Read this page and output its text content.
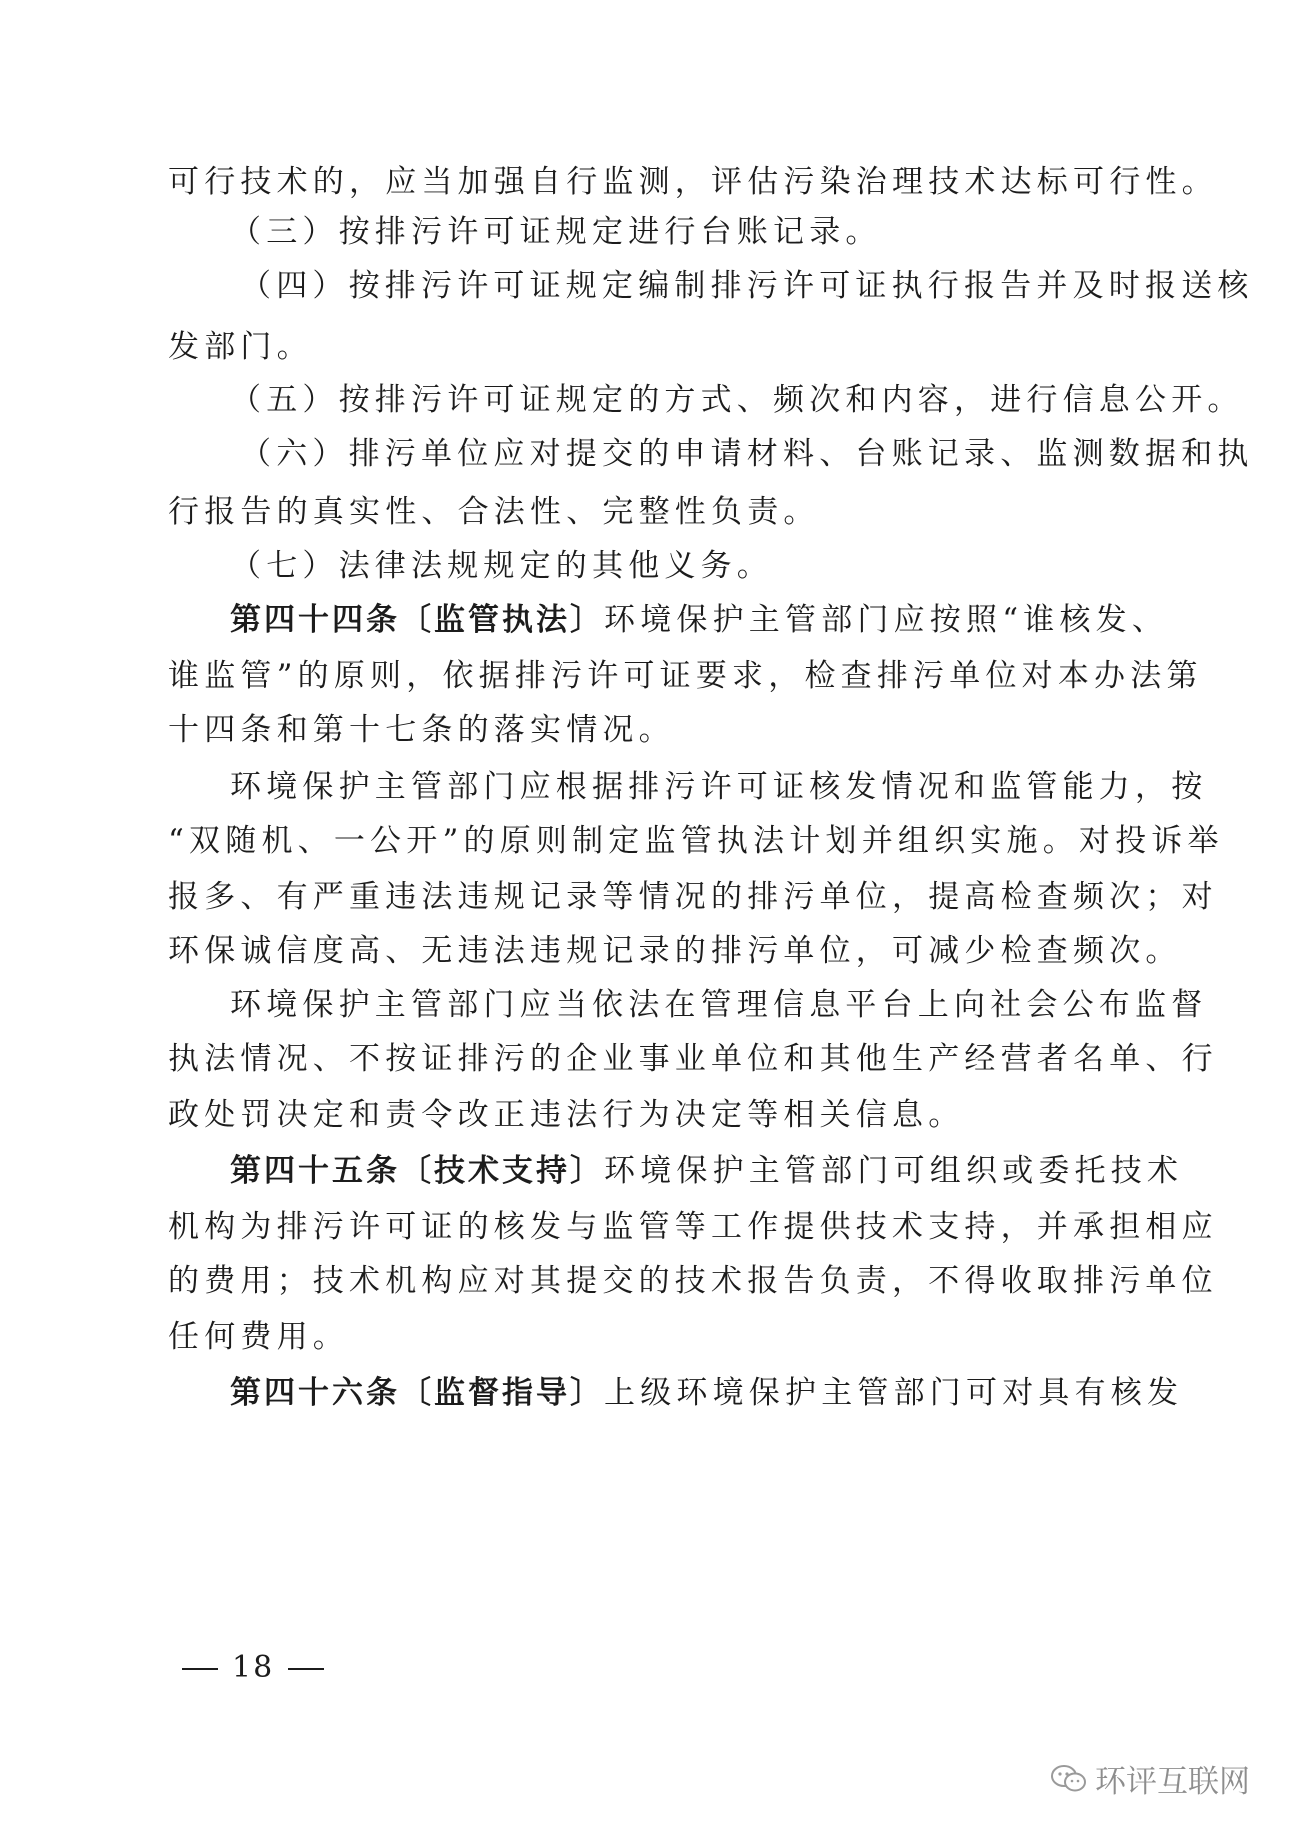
可行技术的，应当加强自行监测，评估污染治理技术达标可行性。
（三）按排污许可证规定进行台账记录。
（四）按排污许可证规定编制排污许可证执行报告并及时报送核
发部门。
（五）按排污许可证规定的方式、频次和内容，进行信息公开。
（六）排污单位应对提交的申请材料、台账记录、监测数据和执
行报告的真实性、合法性、完整性负责。
（七）法律法规规定的其他义务。
第四十四条〔监管执法〕环境保护主管部门应按照“谁核发、
谁监管”的原则，依据排污许可证要求，检查排污单位对本办法第
十四条和第十七条的落实情况。
环境保护主管部门应根据排污许可证核发情况和监管能力，按
“双随机、一公开”的原则制定监管执法计划并组织实施。对投诉举
报多、有严重违法违规记录等情况的排污单位，提高检查频次；对
环保诚信度高、无违法违规记录的排污单位，可减少检查频次。
环境保护主管部门应当依法在管理信息平台上向社会公布监督
执法情况、不按证排污的企业事业单位和其他生产经营者名单、行
政处罚决定和责令改正违法行为决定等相关信息。
第四十五条〔技术支持〕环境保护主管部门可组织或委托技术
机构为排污许可证的核发与监管等工作提供技术支持，并承担相应
的费用；技术机构应对其提交的技术报告负责，不得收取排污单位
任何费用。
第四十六条〔监督指导〕上级环境保护主管部门可对具有核发
18
环评互联网
